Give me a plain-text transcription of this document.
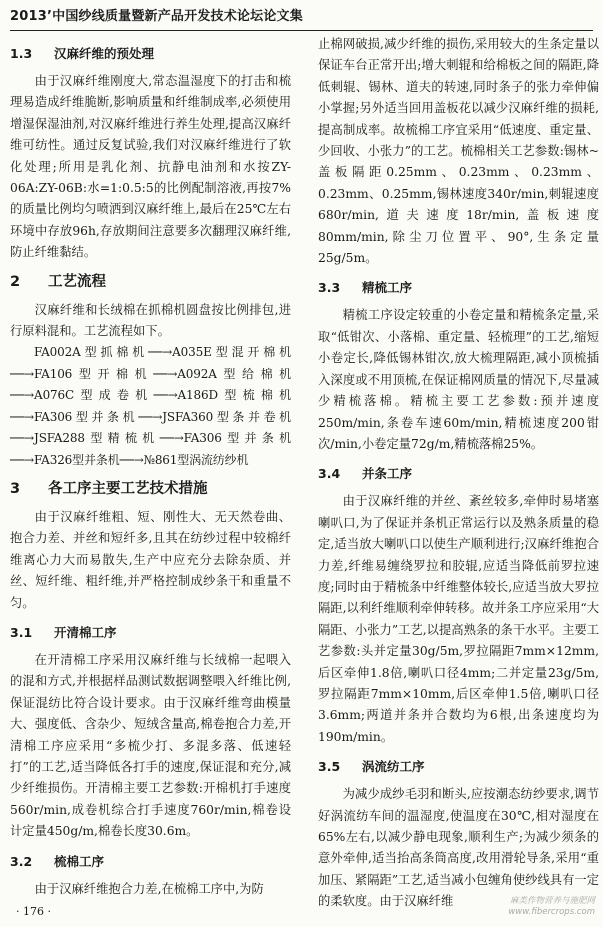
2013’中国纱线质量暨新产品开发技术论坛论文集
1.3 汉麻纤维的预处理

由于汉麻纤维刚度大,常态温湿度下的打击和梳理易造成纤维脆断,影响质量和纤维制成率,必须使用增湿保湿油剂,对汉麻纤维进行养生处理,提高汉麻纤维可纺性。通过反复试验,我们对汉麻纤维进行了软化处理;所用是乳化剂、抗静电油剂和水按ZY-06A:ZY-06B:水=1:0.5:5的比例配制溶液,再按7%的质量比例均匀喷洒到汉麻纤维上,最后在25℃左右环境中存放96h,存放期间注意要多次翻理汉麻纤维,防止纤维黏结。

2 工艺流程

汉麻纤维和长绒棉在抓棉机圆盘按比例排包,进行原料混和。工艺流程如下。

FA002A型抓棉机──→A035E型混开棉机──→FA106型开棉机──→A092A型给棉机──→A076C型成卷机──→A186D型梳棉机──→FA306型并条机──→JSFA360型条并卷机──→JSFA288型精梳机──→FA306型并条机──→FA326型并条机──→№861型涡流纺纱机

3 各工序主要工艺技术措施

由于汉麻纤维粗、短、刚性大、无天然卷曲、抱合力差、并丝和短纤多,且其在纺纱过程中较棉纤维离心力大而易散失,生产中应充分去除杂质、并丝、短纤维、粗纤维,并严格控制成纱条干和重量不匀。

3.1 开清棉工序

在开清棉工序采用汉麻纤维与长绒棉一起喂入的混和方式,并根据样品测试数据调整喂入纤维比例,保证混纺比符合设计要求。由于汉麻纤维弯曲模量大、强度低、含杂少、短绒含量高,棉卷抱合力差,开清棉工序应采用“多梳少打、多混多落、低速轻打”的工艺,适当降低各打手的速度,保证混和充分,减少纤维损伤。开清棉主要工艺参数:开棉机打手速度560r/min,成卷机综合打手速度760r/min,棉卷设计定量450g/m,棉卷长度30.6m。

3.2 梳棉工序

由于汉麻纤维抱合力差,在梳棉工序中,为防

止棉网破损,减少纤维的损伤,采用较大的生条定量以保证车台正常开出;增大刺辊和给棉板之间的隔距,降低刺辊、锡林、道夫的转速,同时条子的张力牵伸偏小掌握;另外适当回用盖板花以减少汉麻纤维的损耗,提高制成率。故梳棉工序宜采用“低速度、重定量、少回收、小张力”的工艺。梳棉相关工艺参数:锡林~盖板隔距0.25mm、0.23mm、0.23mm、0.23mm、0.25mm,锡林速度340r/min,刺辊速度680r/min,道夫速度18r/min,盖板速度80mm/min,除尘刀位置平、90°,生条定量25g/5m。

3.3 精梳工序

精梳工序设定较重的小卷定量和精梳条定量,采取“低钳次、小落棉、重定量、轻梳理”的工艺,缩短小卷定长,降低锡林钳次,放大梳理隔距,减小顶梳插入深度或不用顶梳,在保证棉网质量的情况下,尽量减少精梳落棉。精梳主要工艺参数:预并速度250m/min,条卷车速60m/min,精梳速度200钳次/min,小卷定量72g/m,精梳落棉25%。

3.4 并条工序

由于汉麻纤维的并丝、紊丝较多,牵伸时易堵塞喇叭口,为了保证并条机正常运行以及熟条质量的稳定,适当放大喇叭口以使生产顺利进行;汉麻纤维抱合力差,纤维易缠绕罗拉和胶辊,应适当降低前罗拉速度;同时由于精梳条中纤维整体较长,应适当放大罗拉隔距,以利纤维顺利牵伸转移。故并条工序应采用“大隔距、小张力”工艺,以提高熟条的条干水平。主要工艺参数:头并定量30g/5m,罗拉隔距7mm×12mm,后区牵伸1.8倍,喇叭口径4mm;二并定量23g/5m,罗拉隔距7mm×10mm,后区牵伸1.5倍,喇叭口径3.6mm;两道并条并合数均为6根,出条速度均为190m/min。

3.5 涡流纺工序

为减少成纱毛羽和断头,应按潮态纺纱要求,调节好涡流纺车间的温湿度,使温度在30℃,相对湿度在65%左右,以减少静电现象,顺利生产;为减少须条的意外牵伸,适当抬高条筒高度,改用滑轮导条,采用“重加压、紧隔距”工艺,适当减小包缠角使纱线具有一定的柔软度。由于汉麻纤维

· 176 ·
麻类作物营养与施肥网
www.fibercrops.com
